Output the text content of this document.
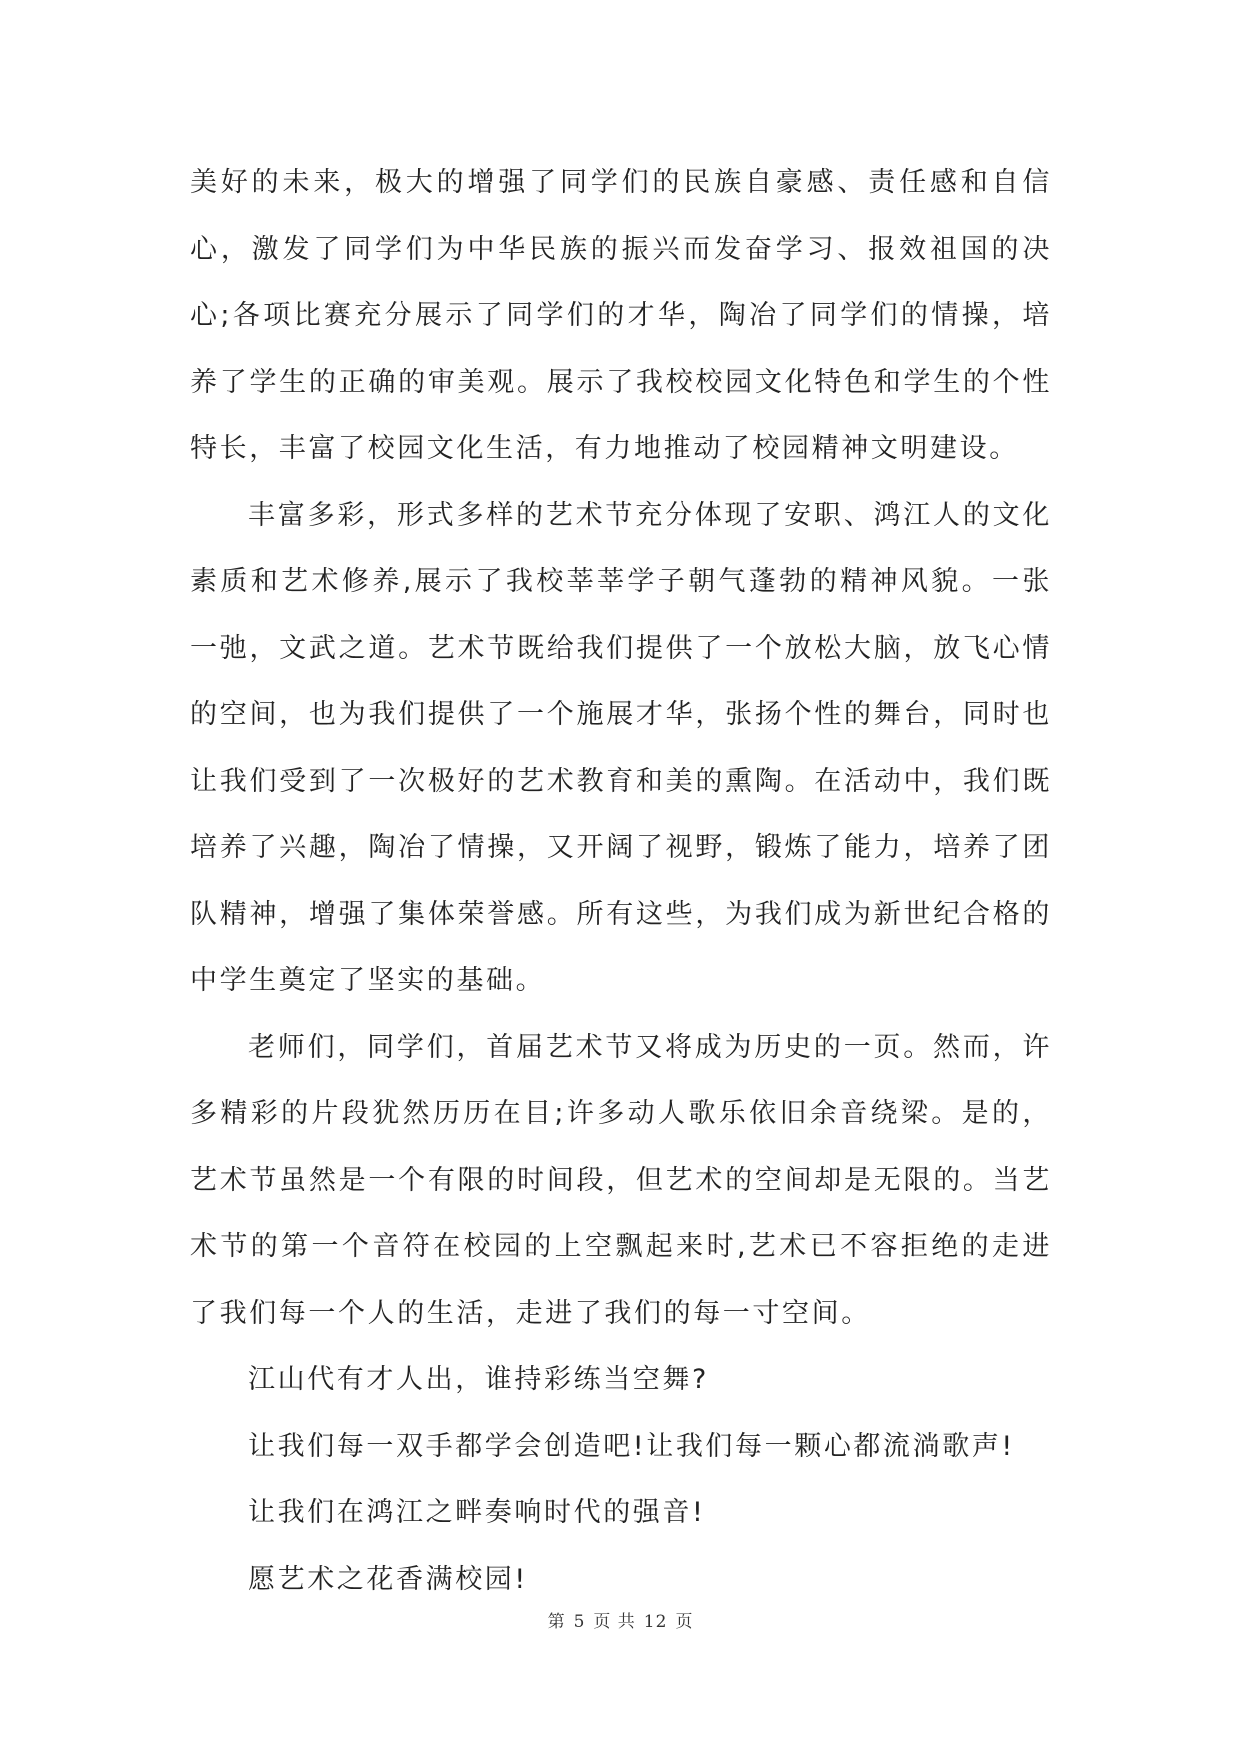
美好的未来，极大的增强了同学们的民族自豪感、责任感和自信心，激发了同学们为中华民族的振兴而发奋学习、报效祖国的决心;各项比赛充分展示了同学们的才华，陶冶了同学们的情操，培养了学生的正确的审美观。展示了我校校园文化特色和学生的个性特长，丰富了校园文化生活，有力地推动了校园精神文明建设。

丰富多彩，形式多样的艺术节充分体现了安职、鸿江人的文化素质和艺术修养,展示了我校莘莘学子朝气蓬勃的精神风貌。一张一弛，文武之道。艺术节既给我们提供了一个放松大脑，放飞心情的空间，也为我们提供了一个施展才华，张扬个性的舞台，同时也让我们受到了一次极好的艺术教育和美的熏陶。在活动中，我们既培养了兴趣，陶冶了情操，又开阔了视野，锻炼了能力，培养了团队精神，增强了集体荣誉感。所有这些，为我们成为新世纪合格的中学生奠定了坚实的基础。

老师们，同学们，首届艺术节又将成为历史的一页。然而，许多精彩的片段犹然历历在目;许多动人歌乐依旧余音绕梁。是的，艺术节虽然是一个有限的时间段，但艺术的空间却是无限的。当艺术节的第一个音符在校园的上空飘起来时,艺术已不容拒绝的走进了我们每一个人的生活，走进了我们的每一寸空间。

江山代有才人出，谁持彩练当空舞?

让我们每一双手都学会创造吧!让我们每一颗心都流淌歌声!

让我们在鸿江之畔奏响时代的强音!

愿艺术之花香满校园!

第 5 页 共 12 页
